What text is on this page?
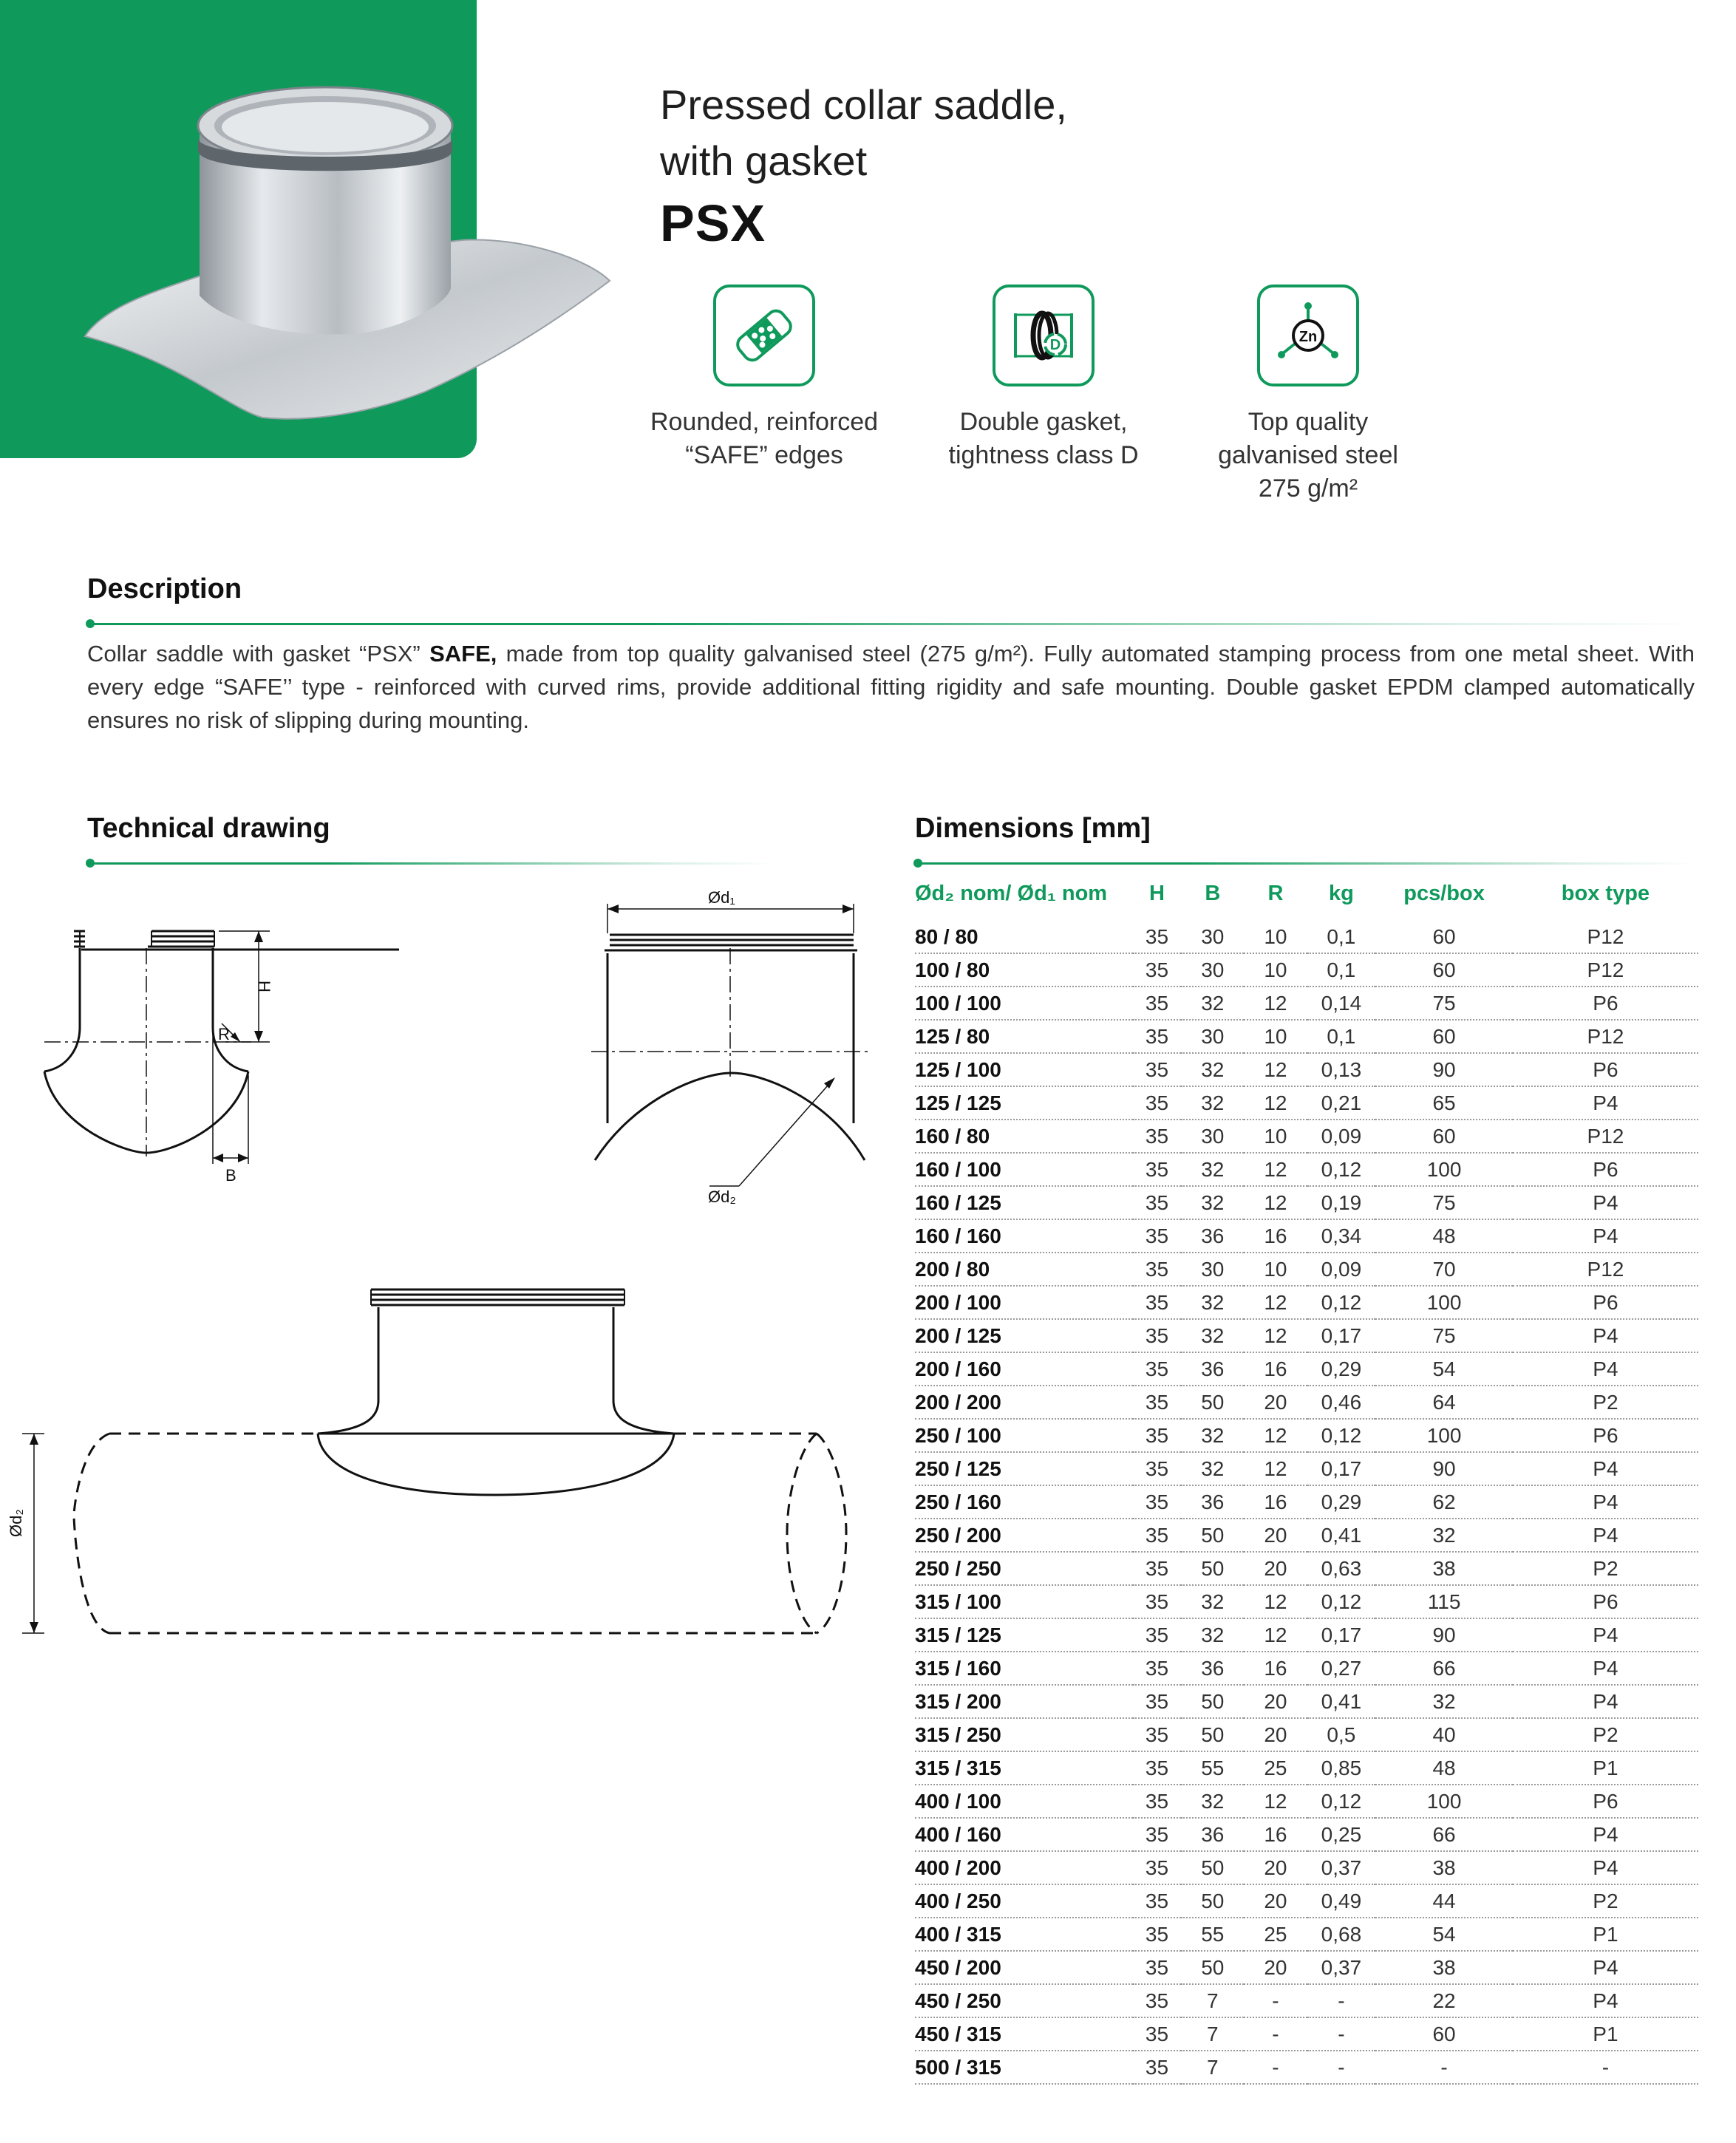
Pressed collar saddle,
with gasket
PSX
Rounded, reinforced
“SAFE” edges
D
Double gasket,
tightness class D
Zn
Top quality
galvanised steel
275 g/m²
Description
Collar saddle with gasket “PSX” SAFE, made from top quality galvanised steel (275 g/m²). Fully automated stamping process from one metal sheet. With every edge “SAFE’’ type - reinforced with curved rims, provide additional fitting rigidity and safe mounting. Double gasket EPDM clamped automatically ensures no risk of slipping during mounting.
Technical drawing
H
R
B
Ød₁
Ød₂
Ød₂
Dimensions [mm]
Ød₂ nom/ Ød₁ nom	H	B	R	kg	pcs/box	box type
80 / 80	35	30	10	0,1	60	P12
100 / 80	35	30	10	0,1	60	P12
100 / 100	35	32	12	0,14	75	P6
125 / 80	35	30	10	0,1	60	P12
125 / 100	35	32	12	0,13	90	P6
125 / 125	35	32	12	0,21	65	P4
160 / 80	35	30	10	0,09	60	P12
160 / 100	35	32	12	0,12	100	P6
160 / 125	35	32	12	0,19	75	P4
160 / 160	35	36	16	0,34	48	P4
200 / 80	35	30	10	0,09	70	P12
200 / 100	35	32	12	0,12	100	P6
200 / 125	35	32	12	0,17	75	P4
200 / 160	35	36	16	0,29	54	P4
200 / 200	35	50	20	0,46	64	P2
250 / 100	35	32	12	0,12	100	P6
250 / 125	35	32	12	0,17	90	P4
250 / 160	35	36	16	0,29	62	P4
250 / 200	35	50	20	0,41	32	P4
250 / 250	35	50	20	0,63	38	P2
315 / 100	35	32	12	0,12	115	P6
315 / 125	35	32	12	0,17	90	P4
315 / 160	35	36	16	0,27	66	P4
315 / 200	35	50	20	0,41	32	P4
315 / 250	35	50	20	0,5	40	P2
315 / 315	35	55	25	0,85	48	P1
400 / 100	35	32	12	0,12	100	P6
400 / 160	35	36	16	0,25	66	P4
400 / 200	35	50	20	0,37	38	P4
400 / 250	35	50	20	0,49	44	P2
400 / 315	35	55	25	0,68	54	P1
450 / 200	35	50	20	0,37	38	P4
450 / 250	35	7	-	-	22	P4
450 / 315	35	7	-	-	60	P1
500 / 315	35	7	-	-	-	-
